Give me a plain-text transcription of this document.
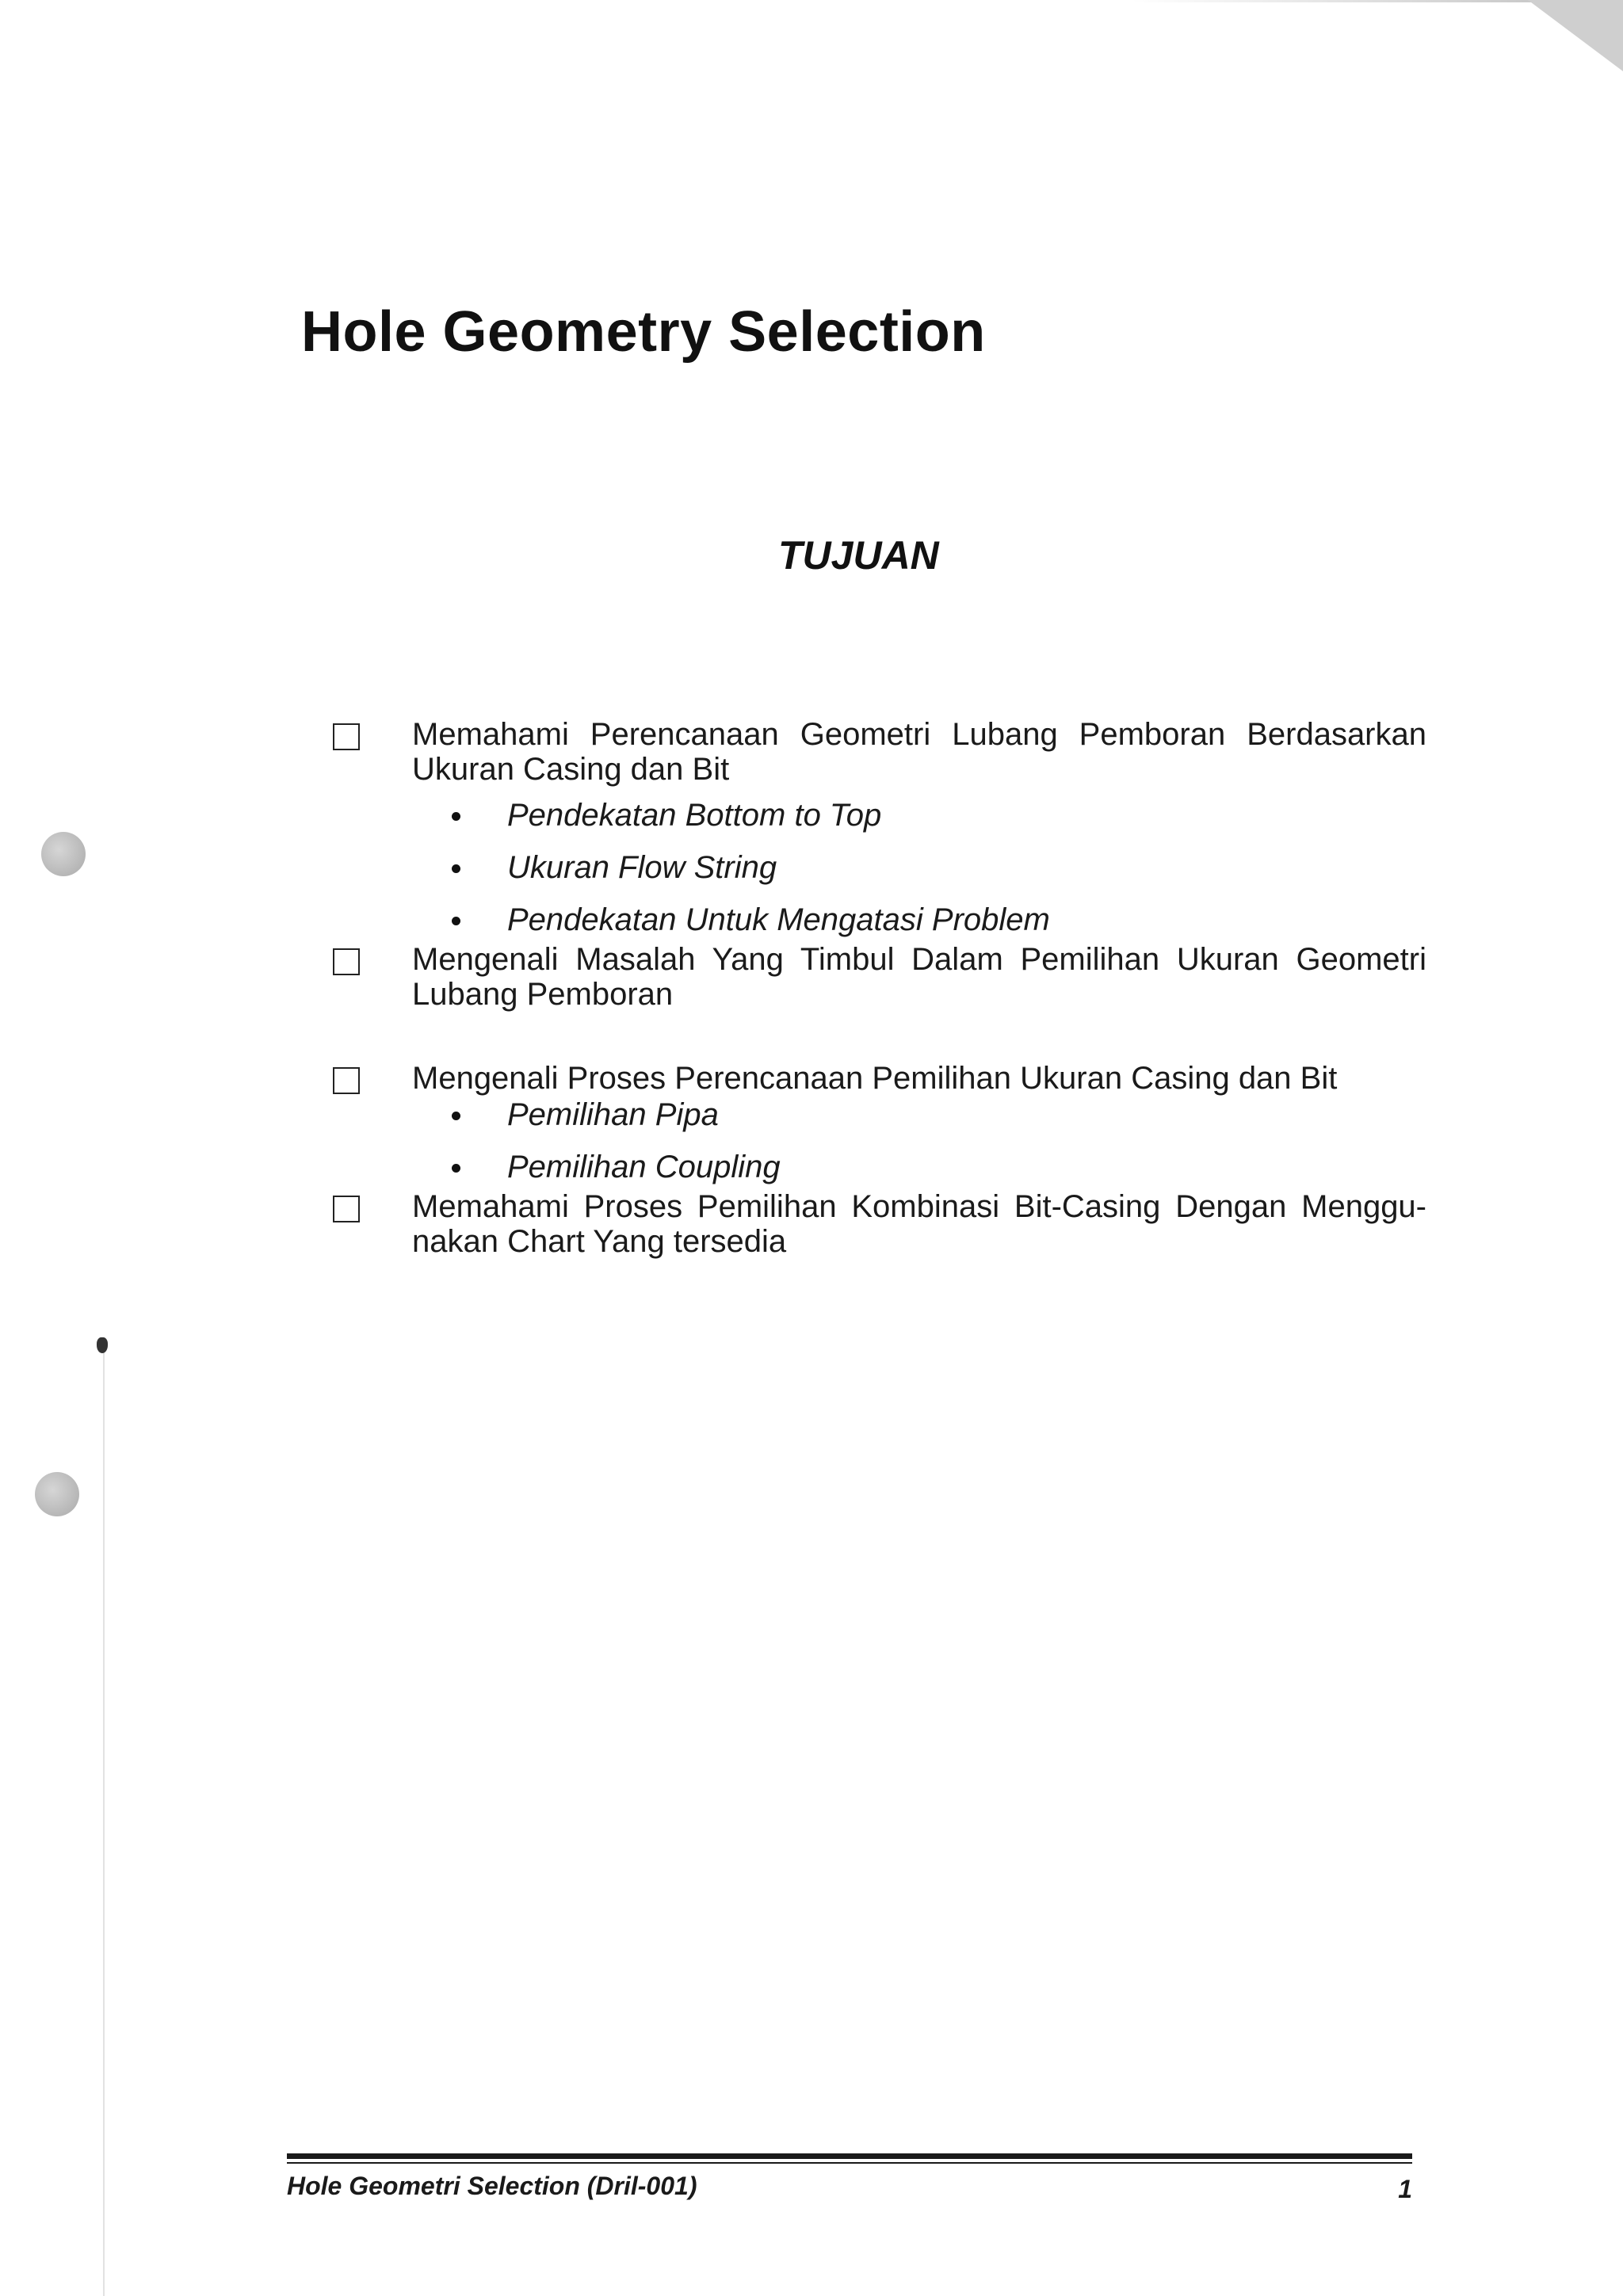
Hole Geometry Selection
TUJUAN
Memahami Perencanaan Geometri Lubang Pemboran Berdasarkan Ukuran Casing dan Bit
Pendekatan Bottom to Top
Ukuran Flow String
Pendekatan Untuk Mengatasi Problem
Mengenali Masalah Yang Timbul Dalam Pemilihan Ukuran Geometri Lubang Pemboran
Mengenali Proses Perencanaan Pemilihan Ukuran Casing dan Bit
Pemilihan Pipa
Pemilihan Coupling
Memahami Proses Pemilihan Kombinasi Bit-Casing Dengan Menggu-nakan Chart Yang tersedia
Hole Geometri Selection (Dril-001)	1
